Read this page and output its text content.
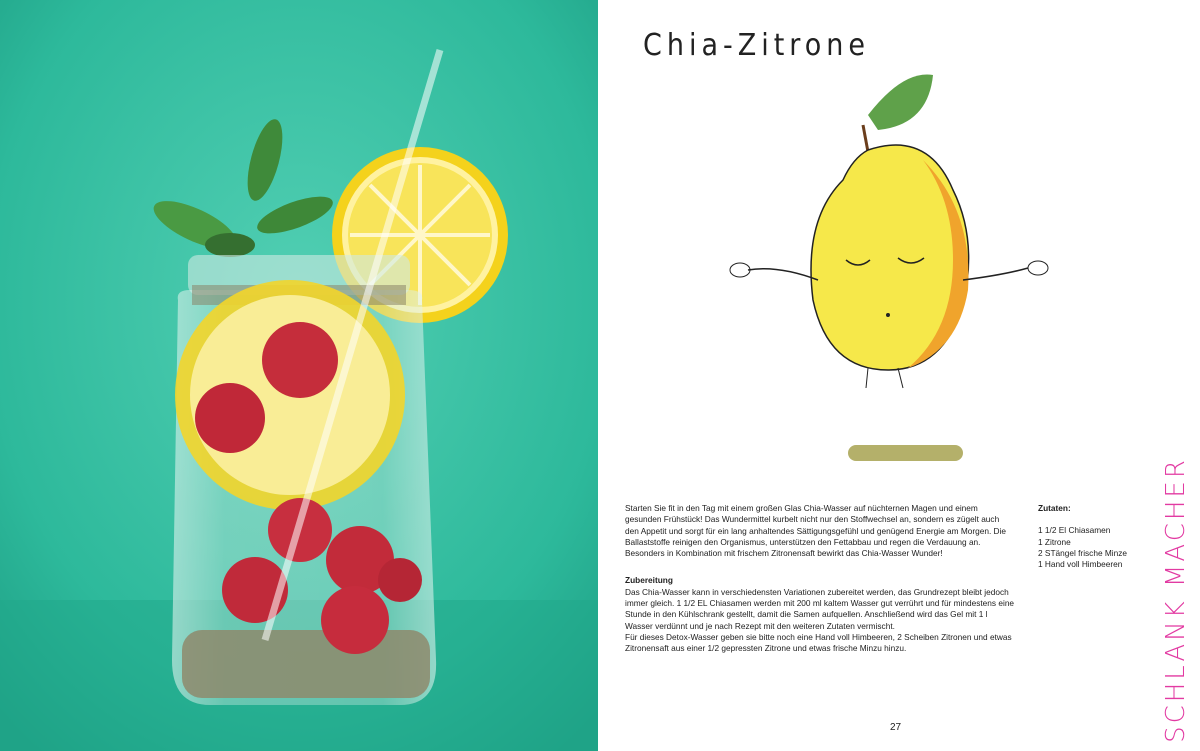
Chia-Zitrone

Starten Sie fit in den Tag mit einem großen Glas Chia-Wasser auf nüchternen Magen und einem gesunden Frühstück! Das Wundermittel kurbelt nicht nur den Stoffwechsel an, sondern es zügelt auch den Appetit und sorgt für ein lang anhaltendes Sättigungsgefühl und genügend Energie am Morgen. Die Ballaststoffe reinigen den Organismus, unterstützen den Fettabbau und regen die Verdauung an.

Besonders in Kombination mit frischem Zitronensaft bewirkt das Chia-Wasser Wunder!

Zubereitung

Das Chia-Wasser kann in verschiedensten Variationen zubereitet werden, das Grundrezept bleibt jedoch immer gleich. 1 1/2 EL Chiasamen werden mit 200 ml kaltem Wasser gut verrührt und für mindestens eine Stunde in den Kühlschrank gestellt, damit die Samen aufquellen. Anschließend wird das Gel mit 1 l Wasser verdünnt und je nach Rezept mit den weiteren Zutaten vermischt.

Für dieses Detox-Wasser geben sie bitte noch eine Hand voll Himbeeren, 2 Scheiben Zitronen und etwas Zitronensaft aus einer 1/2 gepressten Zitrone und etwas frische Minzu hinzu.

Zutaten:
1 1/2 El Chiasamen
1 Zitrone
2 STängel frische Minze
1 Hand voll Himbeeren
27	SCHLANK MACHER
